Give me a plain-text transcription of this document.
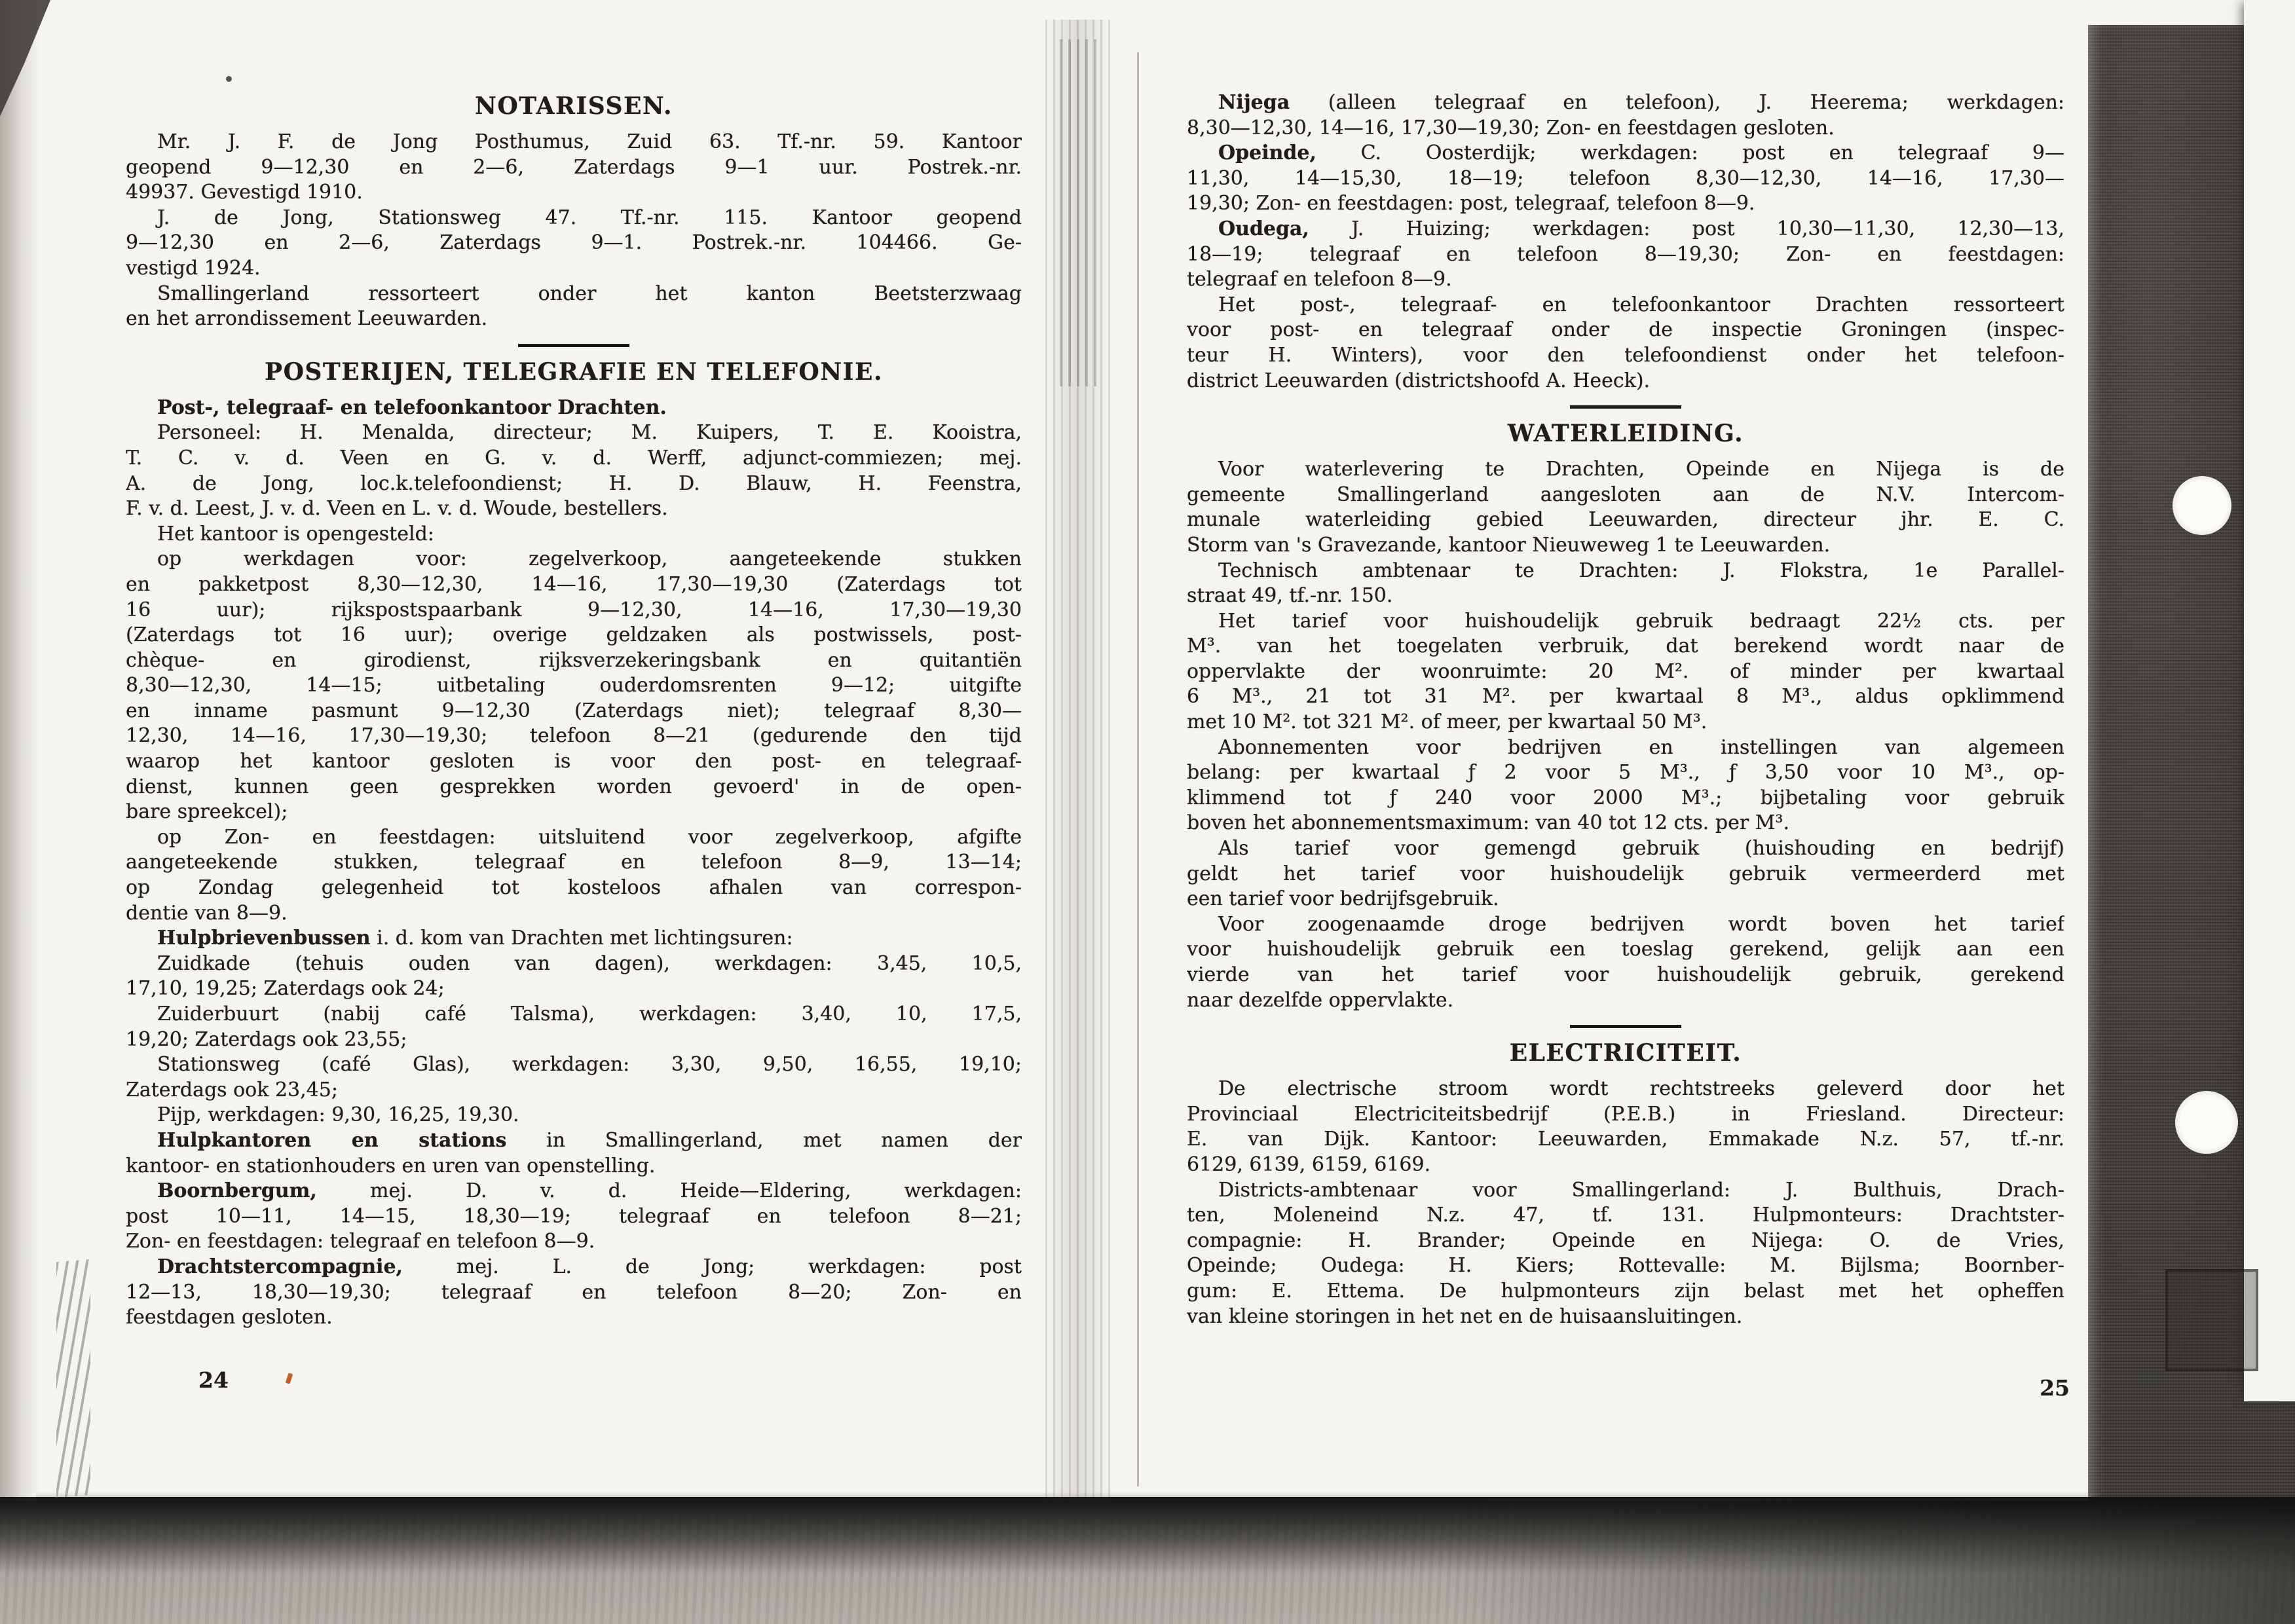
NOTARISSEN.
Mr. J. F. de Jong Posthumus, Zuid 63. Tf.-nr. 59. Kantoor
geopend 9—12,30 en 2—6, Zaterdags 9—1 uur. Postrek.-nr.
49937. Gevestigd 1910.
J. de Jong, Stationsweg 47. Tf.-nr. 115. Kantoor geopend
9—12,30 en 2—6, Zaterdags 9—1. Postrek.-nr. 104466. Ge-
vestigd 1924.
Smallingerland ressorteert onder het kanton Beetsterzwaag
en het arrondissement Leeuwarden.
POSTERIJEN, TELEGRAFIE EN TELEFONIE.
Post-, telegraaf- en telefoonkantoor Drachten.
Personeel: H. Menalda, directeur; M. Kuipers, T. E. Kooistra,
T. C. v. d. Veen en G. v. d. Werff, adjunct-commiezen; mej.
A. de Jong, loc.k.telefoondienst; H. D. Blauw, H. Feenstra,
F. v. d. Leest, J. v. d. Veen en L. v. d. Woude, bestellers.
Het kantoor is opengesteld:
op werkdagen voor: zegelverkoop, aangeteekende stukken
en pakketpost 8,30—12,30, 14—16, 17,30—19,30 (Zaterdags tot
16 uur); rijkspostspaarbank 9—12,30, 14—16, 17,30—19,30
(Zaterdags tot 16 uur); overige geldzaken als postwissels, post-
chèque- en girodienst, rijksverzekeringsbank en quitantiën
8,30—12,30, 14—15; uitbetaling ouderdomsrenten 9—12; uitgifte
en inname pasmunt 9—12,30 (Zaterdags niet); telegraaf 8,30—
12,30, 14—16, 17,30—19,30; telefoon 8—21 (gedurende den tijd
waarop het kantoor gesloten is voor den post- en telegraaf-
dienst, kunnen geen gesprekken worden gevoerd' in de open-
bare spreekcel);
op Zon- en feestdagen: uitsluitend voor zegelverkoop, afgifte
aangeteekende stukken, telegraaf en telefoon 8—9, 13—14;
op Zondag gelegenheid tot kosteloos afhalen van correspon-
dentie van 8—9.
Hulpbrievenbussen i. d. kom van Drachten met lichtingsuren:
Zuidkade (tehuis ouden van dagen), werkdagen: 3,45, 10,5,
17,10, 19,25; Zaterdags ook 24;
Zuiderbuurt (nabij café Talsma), werkdagen: 3,40, 10, 17,5,
19,20; Zaterdags ook 23,55;
Stationsweg (café Glas), werkdagen: 3,30, 9,50, 16,55, 19,10;
Zaterdags ook 23,45;
Pijp, werkdagen: 9,30, 16,25, 19,30.
Hulpkantoren en stations in Smallingerland, met namen der
kantoor- en stationhouders en uren van openstelling.
Boornbergum, mej. D. v. d. Heide—Eldering, werkdagen:
post 10—11, 14—15, 18,30—19; telegraaf en telefoon 8—21;
Zon- en feestdagen: telegraaf en telefoon 8—9.
Drachtstercompagnie, mej. L. de Jong; werkdagen: post
12—13, 18,30—19,30; telegraaf en telefoon 8—20; Zon- en
feestdagen gesloten.
Nijega (alleen telegraaf en telefoon), J. Heerema; werkdagen:
8,30—12,30, 14—16, 17,30—19,30; Zon- en feestdagen gesloten.
Opeinde, C. Oosterdijk; werkdagen: post en telegraaf 9—
11,30, 14—15,30, 18—19; telefoon 8,30—12,30, 14—16, 17,30—
19,30; Zon- en feestdagen: post, telegraaf, telefoon 8—9.
Oudega, J. Huizing; werkdagen: post 10,30—11,30, 12,30—13,
18—19; telegraaf en telefoon 8—19,30; Zon- en feestdagen:
telegraaf en telefoon 8—9.
Het post-, telegraaf- en telefoonkantoor Drachten ressorteert
voor post- en telegraaf onder de inspectie Groningen (inspec-
teur H. Winters), voor den telefoondienst onder het telefoon-
district Leeuwarden (districtshoofd A. Heeck).
WATERLEIDING.
Voor waterlevering te Drachten, Opeinde en Nijega is de
gemeente Smallingerland aangesloten aan de N.V. Intercom-
munale waterleiding gebied Leeuwarden, directeur jhr. E. C.
Storm van 's Gravezande, kantoor Nieuweweg 1 te Leeuwarden.
Technisch ambtenaar te Drachten: J. Flokstra, 1e Parallel-
straat 49, tf.-nr. 150.
Het tarief voor huishoudelijk gebruik bedraagt 22½ cts. per
M³. van het toegelaten verbruik, dat berekend wordt naar de
oppervlakte der woonruimte: 20 M². of minder per kwartaal
6 M³., 21 tot 31 M². per kwartaal 8 M³., aldus opklimmend
met 10 M². tot 321 M². of meer, per kwartaal 50 M³.
Abonnementen voor bedrijven en instellingen van algemeen
belang: per kwartaal ƒ 2 voor 5 M³., ƒ 3,50 voor 10 M³., op-
klimmend tot ƒ 240 voor 2000 M³.; bijbetaling voor gebruik
boven het abonnementsmaximum: van 40 tot 12 cts. per M³.
Als tarief voor gemengd gebruik (huishouding en bedrijf)
geldt het tarief voor huishoudelijk gebruik vermeerderd met
een tarief voor bedrijfsgebruik.
Voor zoogenaamde droge bedrijven wordt boven het tarief
voor huishoudelijk gebruik een toeslag gerekend, gelijk aan een
vierde van het tarief voor huishoudelijk gebruik, gerekend
naar dezelfde oppervlakte.
ELECTRICITEIT.
De electrische stroom wordt rechtstreeks geleverd door het
Provinciaal Electriciteitsbedrijf (P.E.B.) in Friesland. Directeur:
E. van Dijk. Kantoor: Leeuwarden, Emmakade N.z. 57, tf.-nr.
6129, 6139, 6159, 6169.
Districts-ambtenaar voor Smallingerland: J. Bulthuis, Drach-
ten, Moleneind N.z. 47, tf. 131. Hulpmonteurs: Drachtster-
compagnie: H. Brander; Opeinde en Nijega: O. de Vries,
Opeinde; Oudega: H. Kiers; Rottevalle: M. Bijlsma; Boornber-
gum: E. Ettema. De hulpmonteurs zijn belast met het opheffen
van kleine storingen in het net en de huisaansluitingen.
24	25
